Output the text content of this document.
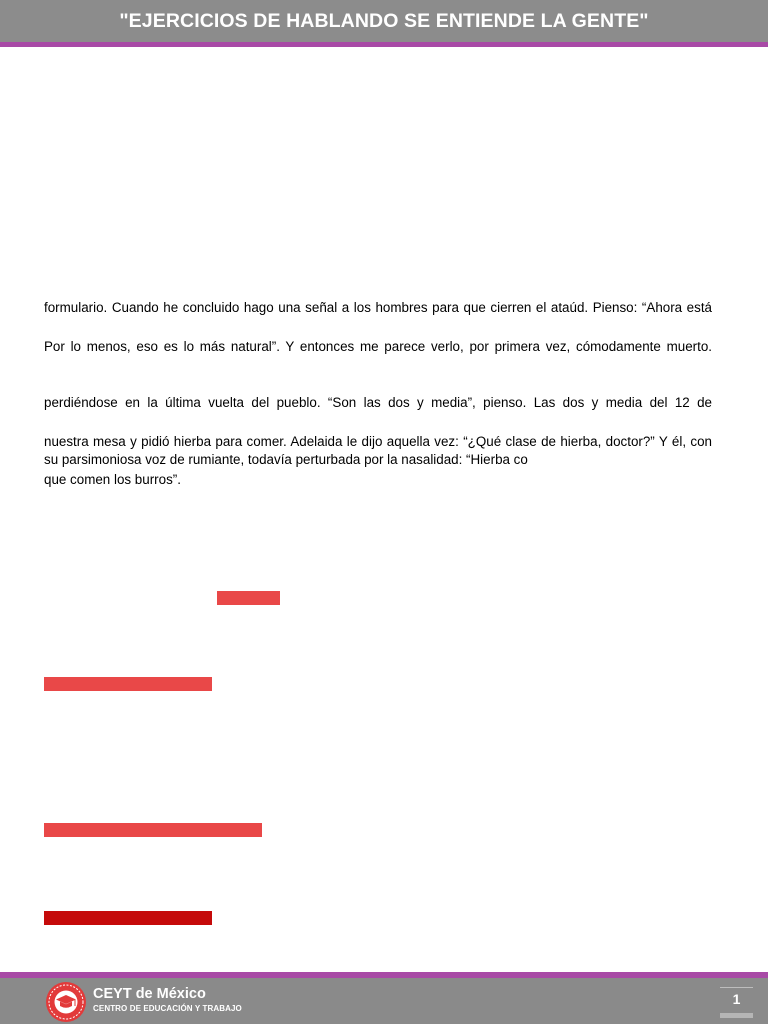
"EJERCICIOS DE HABLANDO SE ENTIENDE LA GENTE"
formulario. Cuando he concluido hago una señal a los hombres para que cierren el ataúd. Pienso: “Ahora está
Por lo menos, eso es lo más natural”. Y entonces me parece verlo, por primera vez, cómodamente muerto.
perdiéndose en la última vuelta del pueblo. “Son las dos y media”, pienso. Las dos y media del 12 de
nuestra mesa y pidió hierba para comer. Adelaida le dijo aquella vez: “¿Qué clase de hierba, doctor?” Y él, con su parsimoniosa voz de rumiante, todavía perturbada por la nasalidad: “Hierba co
que comen los burros”.
CEYT de México
CENTRO DE EDUCACIÓN Y TRABAJO
1
